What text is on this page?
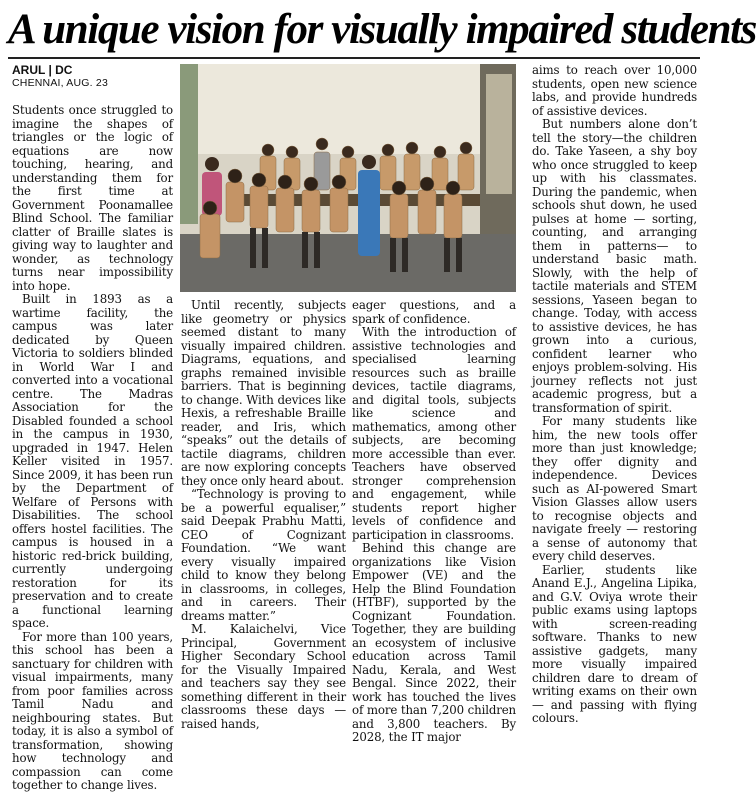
A unique vision for visually impaired students
ARUL | DC
CHENNAI, AUG. 23

Students once struggled to imagine the shapes of triangles or the logic of equations are now touching, hearing, and understanding them for the first time at Government Poonamallee Blind School. The familiar clatter of Braille slates is giving way to laughter and wonder, as technology turns near impossibility into hope.

Built in 1893 as a wartime facility, the campus was later dedicated by Queen Victoria to soldiers blinded in World War I and converted into a vocational centre. The Madras Association for the Disabled founded a school in the campus in 1930, upgraded in 1947. Helen Keller visited in 1957. Since 2009, it has been run by the Department of Welfare of Persons with Disabilities. The school offers hostel facilities. The campus is housed in a historic red-brick building, currently undergoing restoration for its preservation and to create a functional learning space.

For more than 100 years, this school has been a sanctuary for children with visual impairments, many from poor families across Tamil Nadu and neighbouring states. But today, it is also a symbol of transformation, showing how technology and compassion can come together to change lives.

Until recently, subjects like geometry or physics seemed distant to many visually impaired children. Diagrams, equations, and graphs remained invisible barriers. That is beginning to change. With devices like Hexis, a refreshable Braille reader, and Iris, which “speaks” out the details of tactile diagrams, children are now exploring concepts they once only heard about.

“Technology is proving to be a powerful equaliser,” said Deepak Prabhu Matti, CEO of Cognizant Foundation. “We want every visually impaired child to know they belong in classrooms, in colleges, and in careers. Their dreams matter.”

M. Kalaichelvi, Vice Principal, Government Higher Secondary School for the Visually Impaired and teachers say they see something different in their classrooms these days — raised hands,

eager questions, and a spark of confidence.

With the introduction of assistive technologies and specialised learning resources such as braille devices, tactile diagrams, and digital tools, subjects like science and mathematics, among other subjects, are becoming more accessible than ever. Teachers have observed stronger comprehension and engagement, while students report higher levels of confidence and participation in classrooms.

Behind this change are organizations like Vision Empower (VE) and the Help the Blind Foundation (HTBF), supported by the Cognizant Foundation. Together, they are building an ecosystem of inclusive education across Tamil Nadu, Kerala, and West Bengal. Since 2022, their work has touched the lives of more than 7,200 children and 3,800 teachers. By 2028, the IT major

aims to reach over 10,000 students, open new science labs, and provide hundreds of assistive devices.

But numbers alone don’t tell the story—the children do. Take Yaseen, a shy boy who once struggled to keep up with his classmates. During the pandemic, when schools shut down, he used pulses at home — sorting, counting, and arranging them in patterns— to understand basic math. Slowly, with the help of tactile materials and STEM sessions, Yaseen began to change. Today, with access to assistive devices, he has grown into a curious, confident learner who enjoys problem-solving. His journey reflects not just academic progress, but a transformation of spirit.

For many students like him, the new tools offer more than just knowledge; they offer dignity and independence. Devices such as AI-powered Smart Vision Glasses allow users to recognise objects and navigate freely — restoring a sense of autonomy that every child deserves.

Earlier, students like Anand E.J., Angelina Lipika, and G.V. Oviya wrote their public exams using laptops with screen-reading software. Thanks to new assistive gadgets, many more visually impaired children dare to dream of writing exams on their own — and passing with flying colours.
